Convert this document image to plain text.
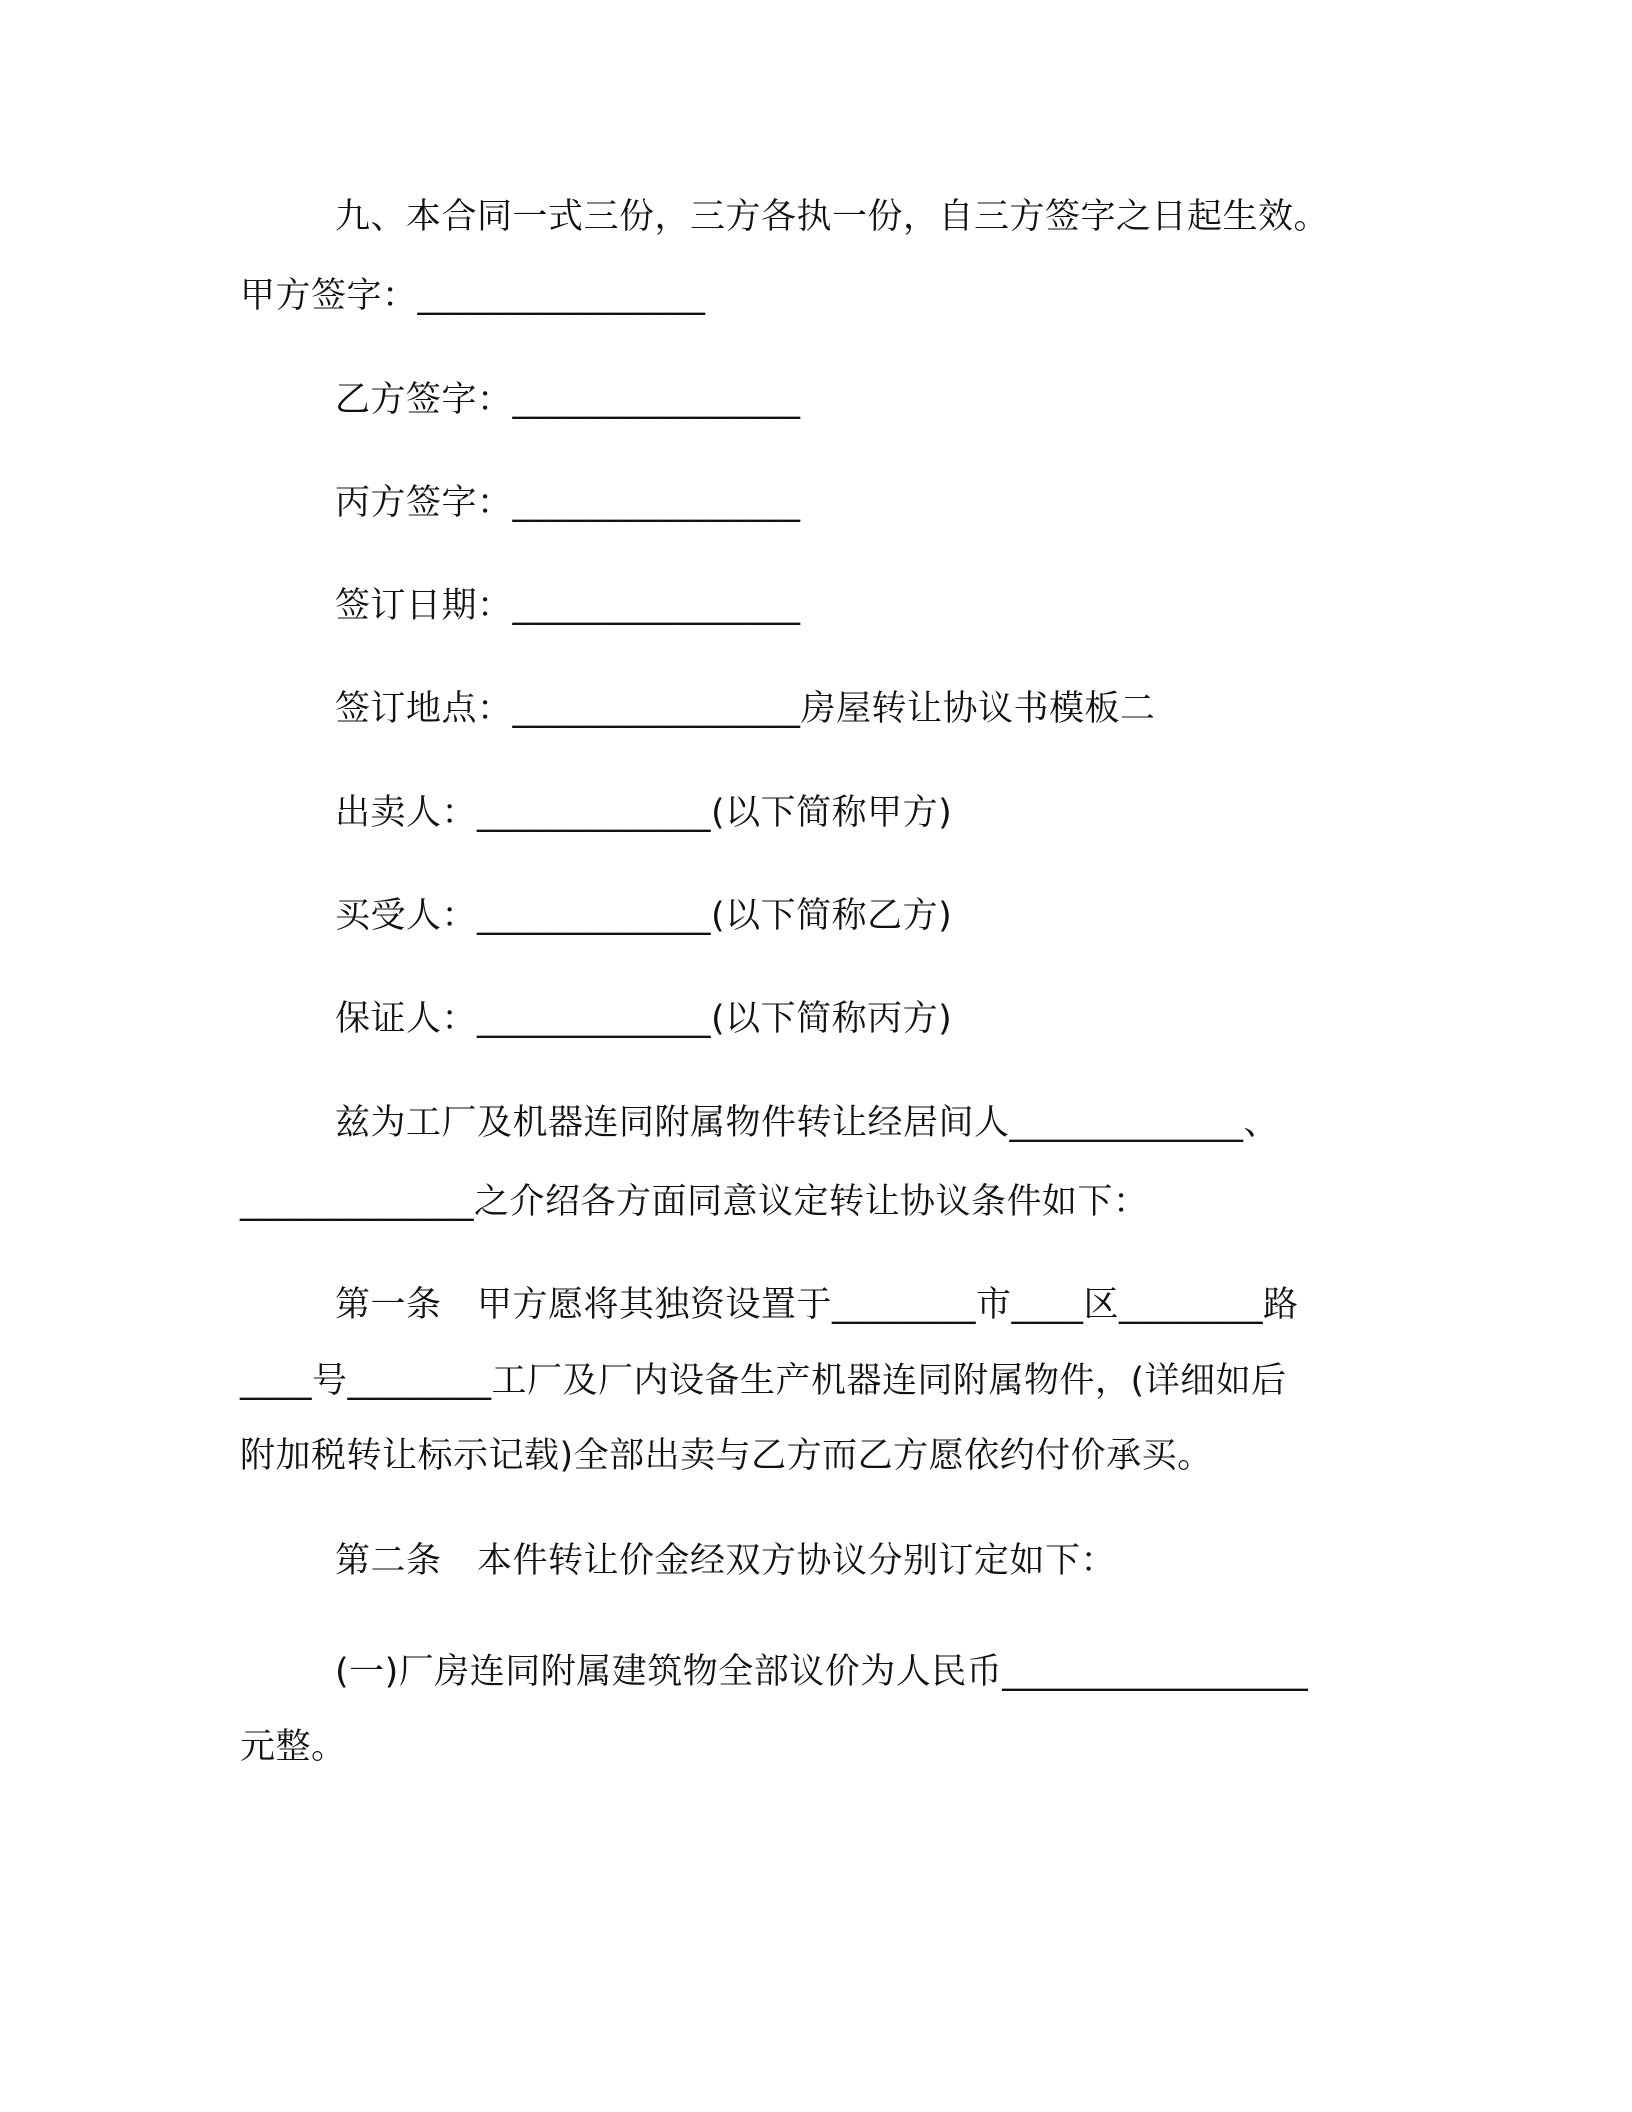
九、本合同一式三份，三方各执一份，自三方签字之日起生效。
甲方签字：________________
乙方签字：________________
丙方签字：________________
签订日期：________________
签订地点：________________房屋转让协议书模板二
出卖人：_____________(以下简称甲方)
买受人：_____________(以下简称乙方)
保证人：_____________(以下简称丙方)
兹为工厂及机器连同附属物件转让经居间人_____________、
_____________之介绍各方面同意议定转让协议条件如下：
第一条　甲方愿将其独资设置于________市____区________路
____号________工厂及厂内设备生产机器连同附属物件，(详细如后
附加税转让标示记载)全部出卖与乙方而乙方愿依约付价承买。
第二条　本件转让价金经双方协议分别订定如下：
(一)厂房连同附属建筑物全部议价为人民币_________________
元整。
